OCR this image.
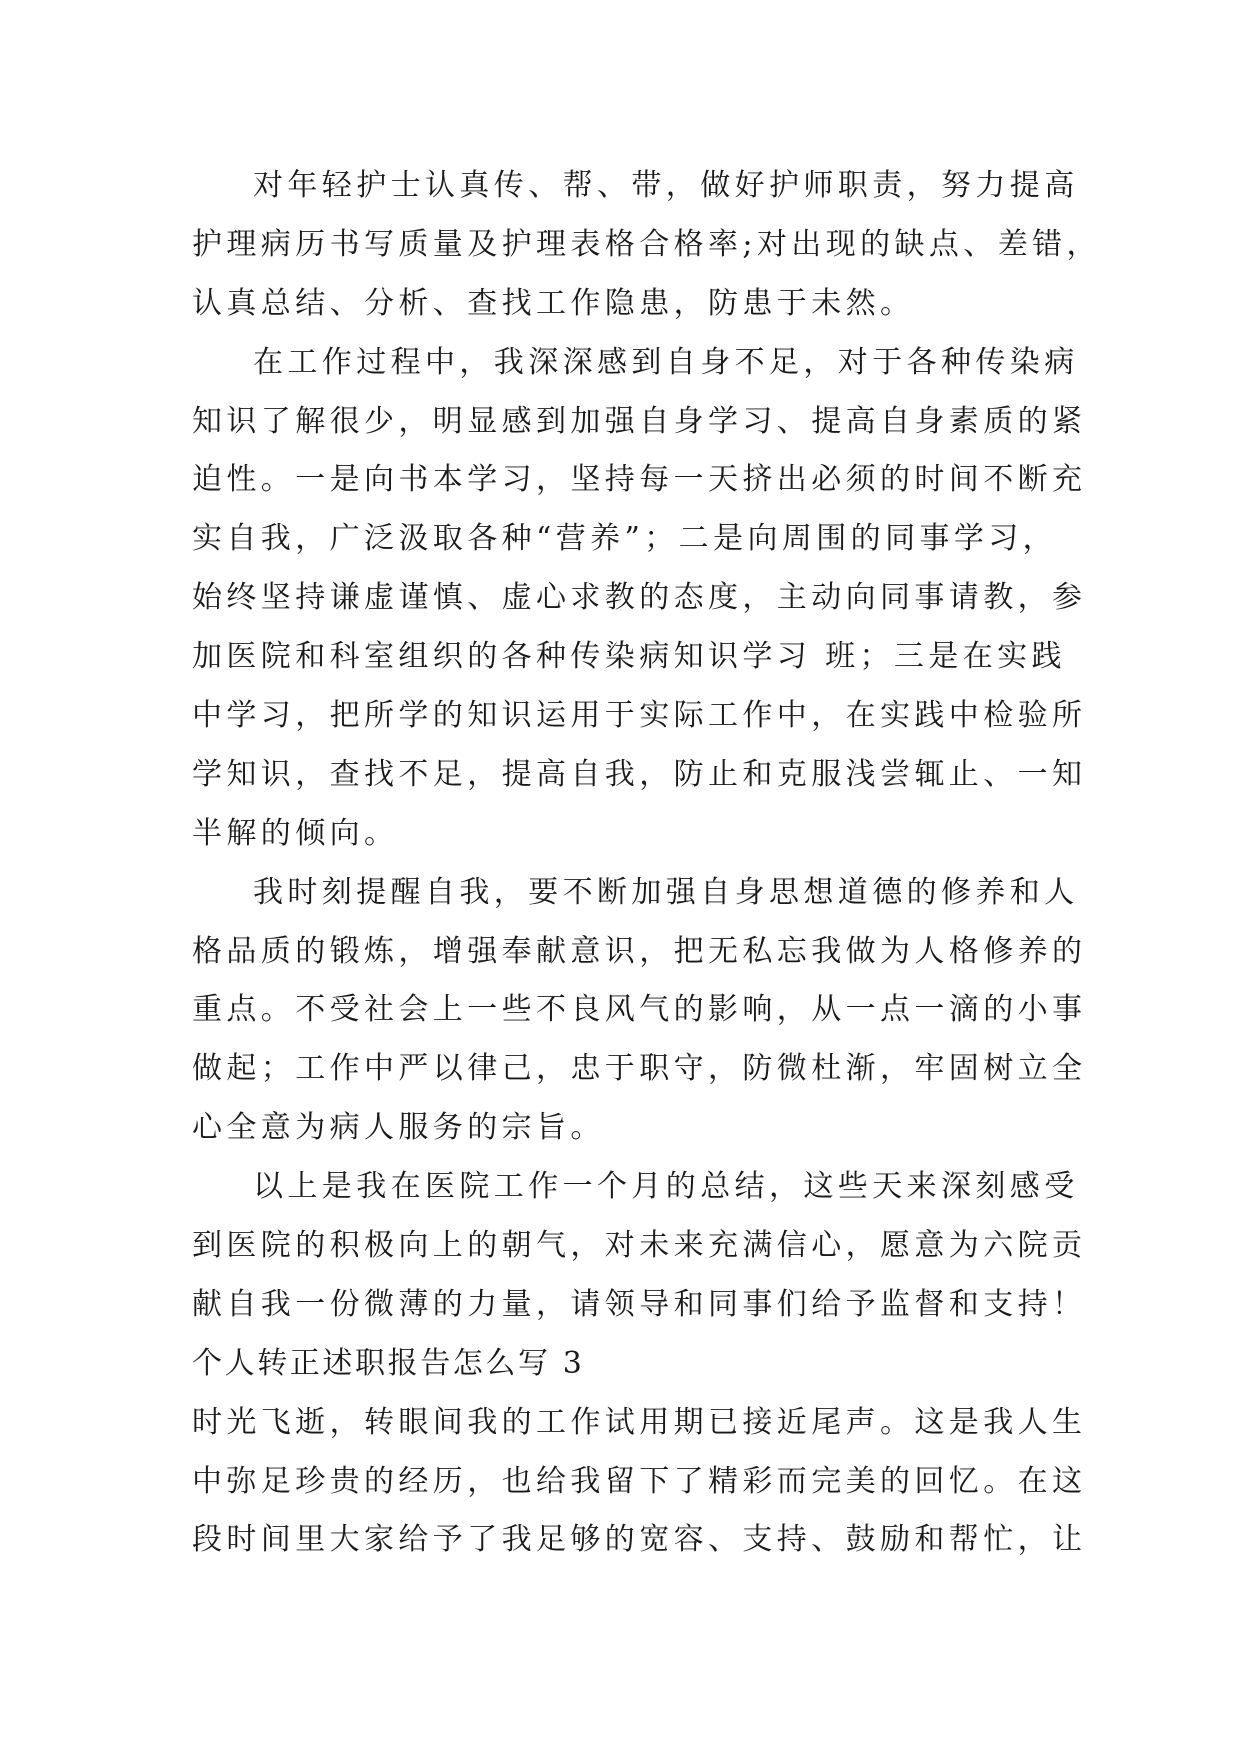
对年轻护士认真传、帮、带，做好护师职责，努力提高
护理病历书写质量及护理表格合格率;对出现的缺点、差错，
认真总结、分析、查找工作隐患，防患于未然。
在工作过程中，我深深感到自身不足，对于各种传染病
知识了解很少，明显感到加强自身学习、提高自身素质的紧
迫性。一是向书本学习，坚持每一天挤出必须的时间不断充
实自我，广泛汲取各种“营养”；二是向周围的同事学习，
始终坚持谦虚谨慎、虚心求教的态度，主动向同事请教，参
加医院和科室组织的各种传染病知识学习 班；三是在实践
中学习，把所学的知识运用于实际工作中，在实践中检验所
学知识，查找不足，提高自我，防止和克服浅尝辄止、一知
半解的倾向。
我时刻提醒自我，要不断加强自身思想道德的修养和人
格品质的锻炼，增强奉献意识，把无私忘我做为人格修养的
重点。不受社会上一些不良风气的影响，从一点一滴的小事
做起；工作中严以律己，忠于职守，防微杜渐，牢固树立全
心全意为病人服务的宗旨。
以上是我在医院工作一个月的总结，这些天来深刻感受
到医院的积极向上的朝气，对未来充满信心，愿意为六院贡
献自我一份微薄的力量，请领导和同事们给予监督和支持！
个人转正述职报告怎么写 3
时光飞逝，转眼间我的工作试用期已接近尾声。这是我人生
中弥足珍贵的经历，也给我留下了精彩而完美的回忆。在这
段时间里大家给予了我足够的宽容、支持、鼓励和帮忙，让
